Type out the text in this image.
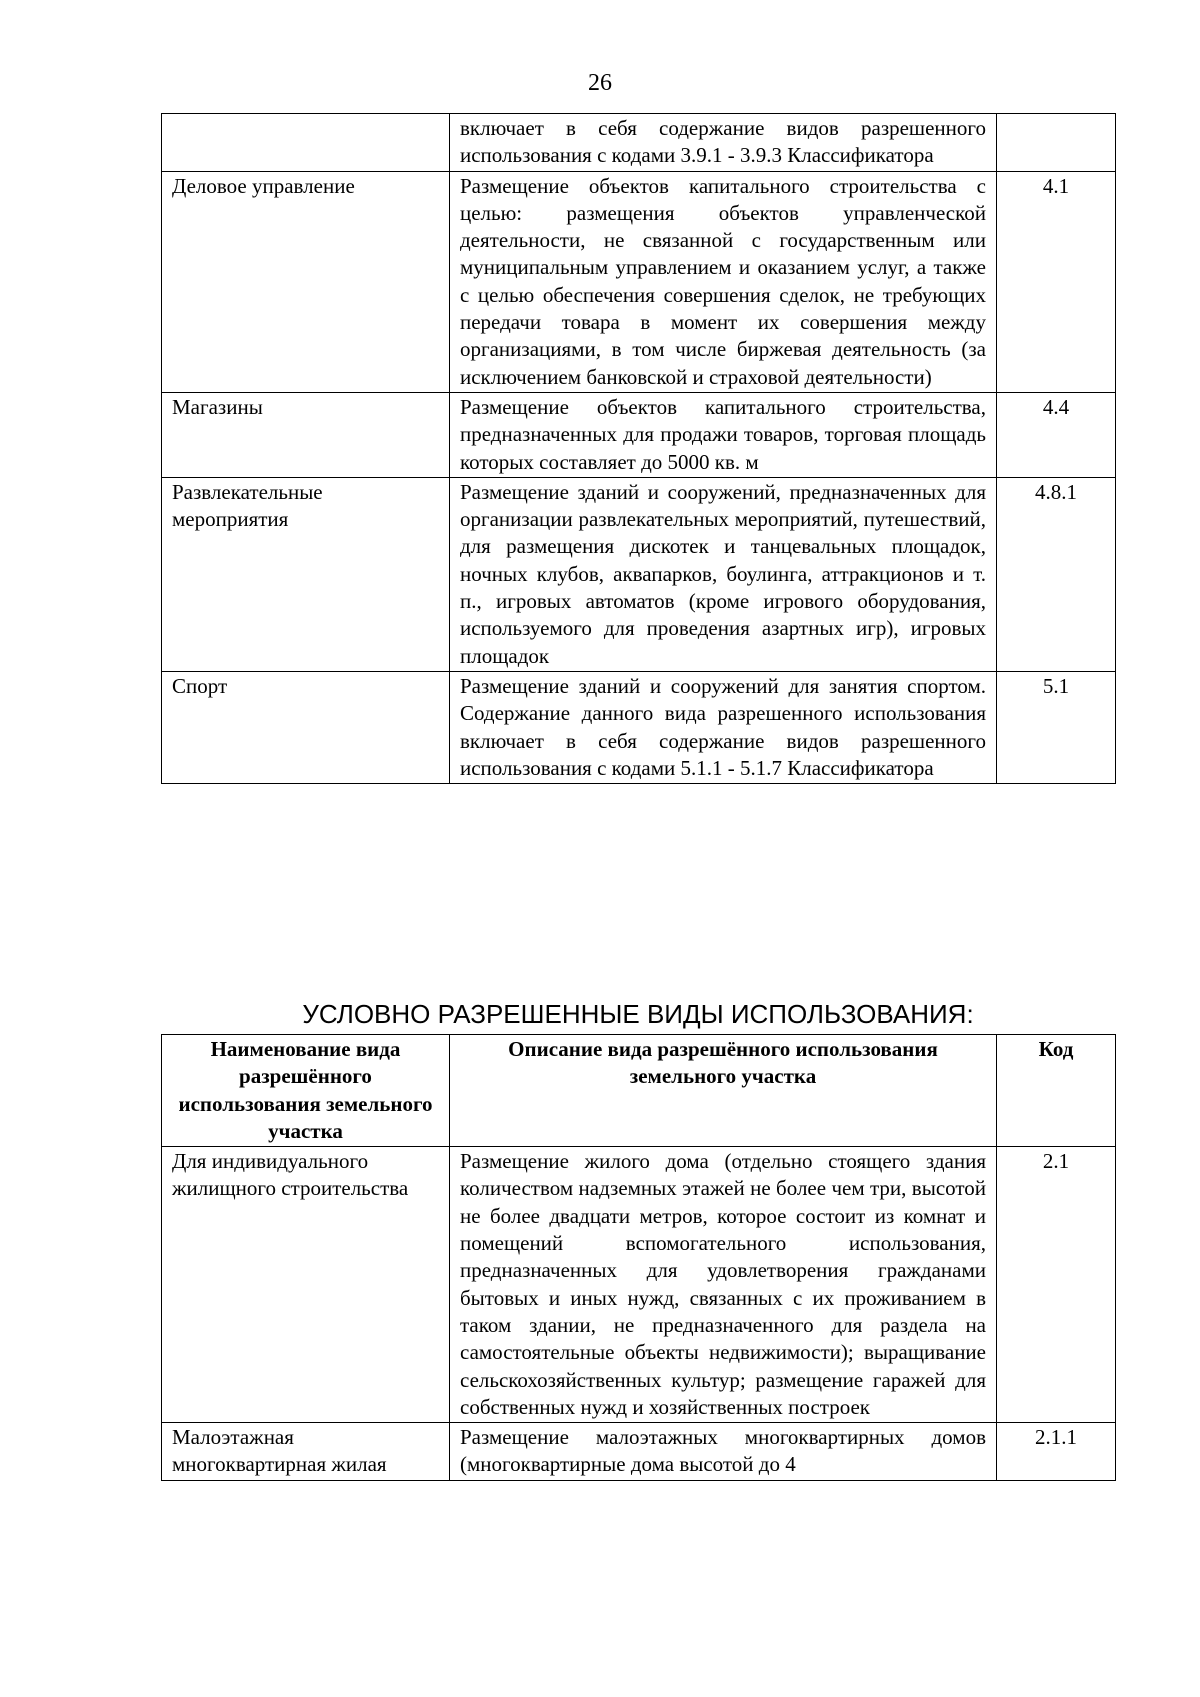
26
	включает в себя содержание видов разрешенного использования с кодами 3.9.1 - 3.9.3 Классификатора	
Деловое управление	Размещение объектов капитального строительства с целью: размещения объектов управленческой деятельности, не связанной с государственным или муниципальным управлением и оказанием услуг, а также с целью обеспечения совершения сделок, не требующих передачи товара в момент их совершения между организациями, в том числе биржевая деятельность (за исключением банковской и страховой деятельности)	4.1
Магазины	Размещение объектов капитального строительства, предназначенных для продажи товаров, торговая площадь которых составляет до 5000 кв. м	4.4
Развлекательные мероприятия	Размещение зданий и сооружений, предназначенных для организации развлекательных мероприятий, путешествий, для размещения дискотек и танцевальных площадок, ночных клубов, аквапарков, боулинга, аттракционов и т. п., игровых автоматов (кроме игрового оборудования, используемого для проведения азартных игр), игровых площадок	4.8.1
Спорт	Размещение зданий и сооружений для занятия спортом. Содержание данного вида разрешенного использования включает в себя содержание видов разрешенного использования с кодами 5.1.1 - 5.1.7 Классификатора	5.1
УСЛОВНО РАЗРЕШЕННЫЕ ВИДЫ ИСПОЛЬЗОВАНИЯ:
Наименование вида разрешённого использования земельного участка	Описание вида разрешённого использования земельного участка	Код
Для индивидуального жилищного строительства	Размещение жилого дома (отдельно стоящего здания количеством надземных этажей не более чем три, высотой не более двадцати метров, которое состоит из комнат и помещений вспомогательного использования, предназначенных для удовлетворения гражданами бытовых и иных нужд, связанных с их проживанием в таком здании, не предназначенного для раздела на самостоятельные объекты недвижимости); выращивание сельскохозяйственных культур; размещение гаражей для собственных нужд и хозяйственных построек	2.1
Малоэтажная многоквартирная жилая	Размещение малоэтажных многоквартирных домов (многоквартирные дома высотой до 4	2.1.1
